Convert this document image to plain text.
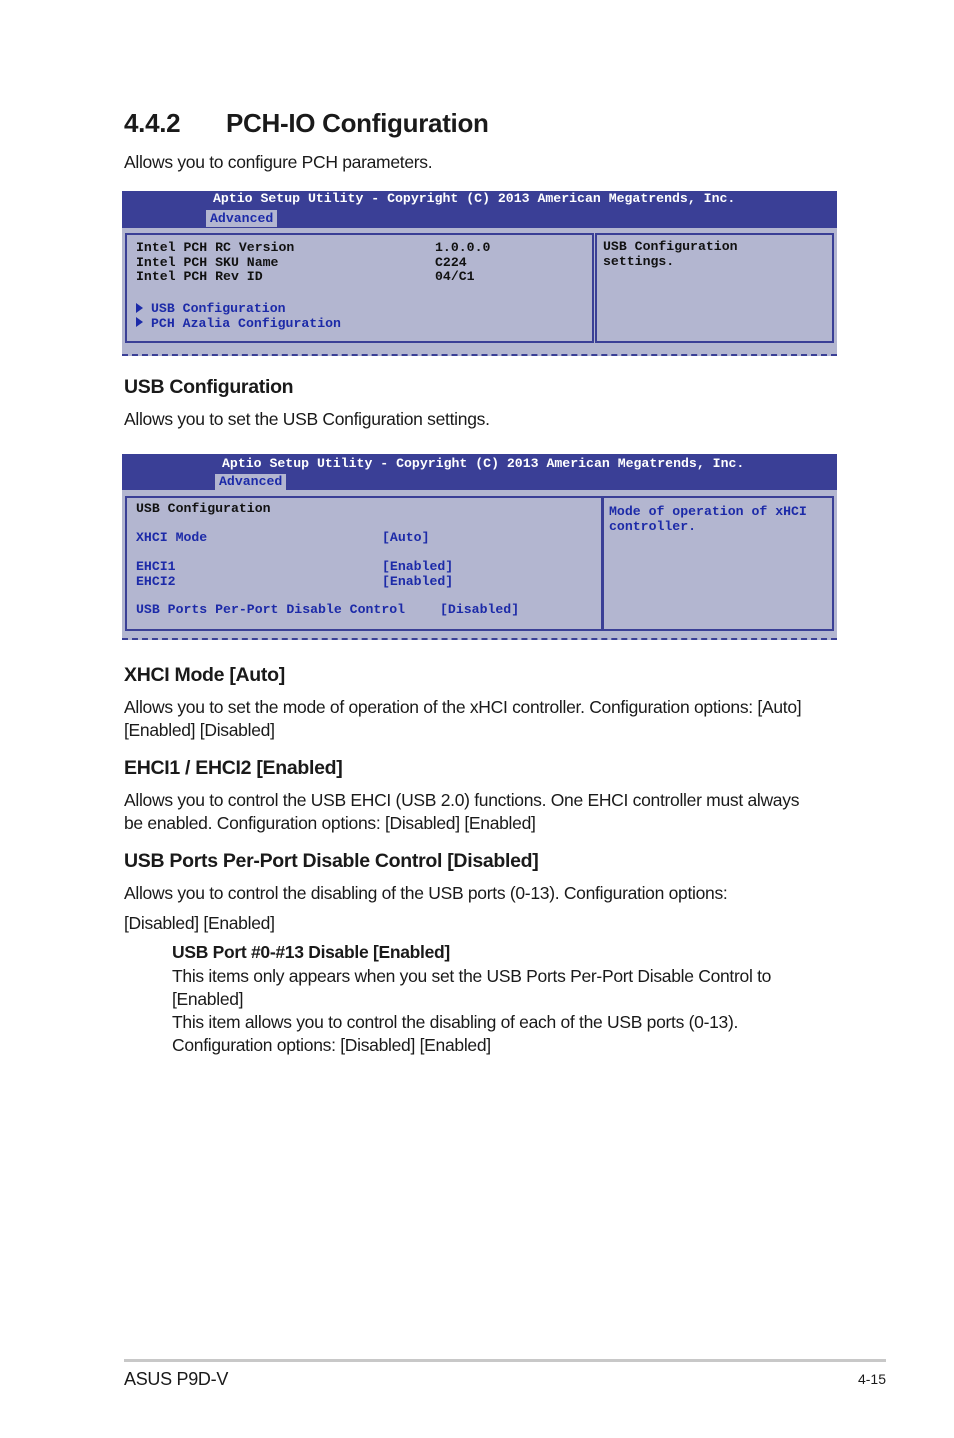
4.4.2 PCH-IO Configuration
Allows you to configure PCH parameters.
Aptio Setup Utility - Copyright (C) 2013 American Megatrends, Inc.
Advanced
Intel PCH RC Version	1.0.0.0
Intel PCH SKU Name	C224
Intel PCH Rev ID	04/C1
USB Configuration
PCH Azalia Configuration
USB Configuration
settings.
USB Configuration
Allows you to set the USB Configuration settings.
Aptio Setup Utility - Copyright (C) 2013 American Megatrends, Inc.
Advanced
USB Configuration
XHCI Mode	[Auto]
EHCI1	[Enabled]
EHCI2	[Enabled]
USB Ports Per-Port Disable Control	[Disabled]
Mode of operation of xHCI
controller.
XHCI Mode [Auto]
Allows you to set the mode of operation of the xHCI controller. Configuration options: [Auto]
[Enabled] [Disabled]
EHCI1 / EHCI2 [Enabled]
Allows you to control the USB EHCI (USB 2.0) functions. One EHCI controller must always
be enabled. Configuration options: [Disabled] [Enabled]
USB Ports Per-Port Disable Control [Disabled]
Allows you to control the disabling of the USB ports (0-13). Configuration options:
[Disabled] [Enabled]
USB Port #0-#13 Disable [Enabled]
This items only appears when you set the USB Ports Per-Port Disable Control to
[Enabled]
This item allows you to control the disabling of each of the USB ports (0-13).
Configuration options: [Disabled] [Enabled]
ASUS P9D-V	4-15
